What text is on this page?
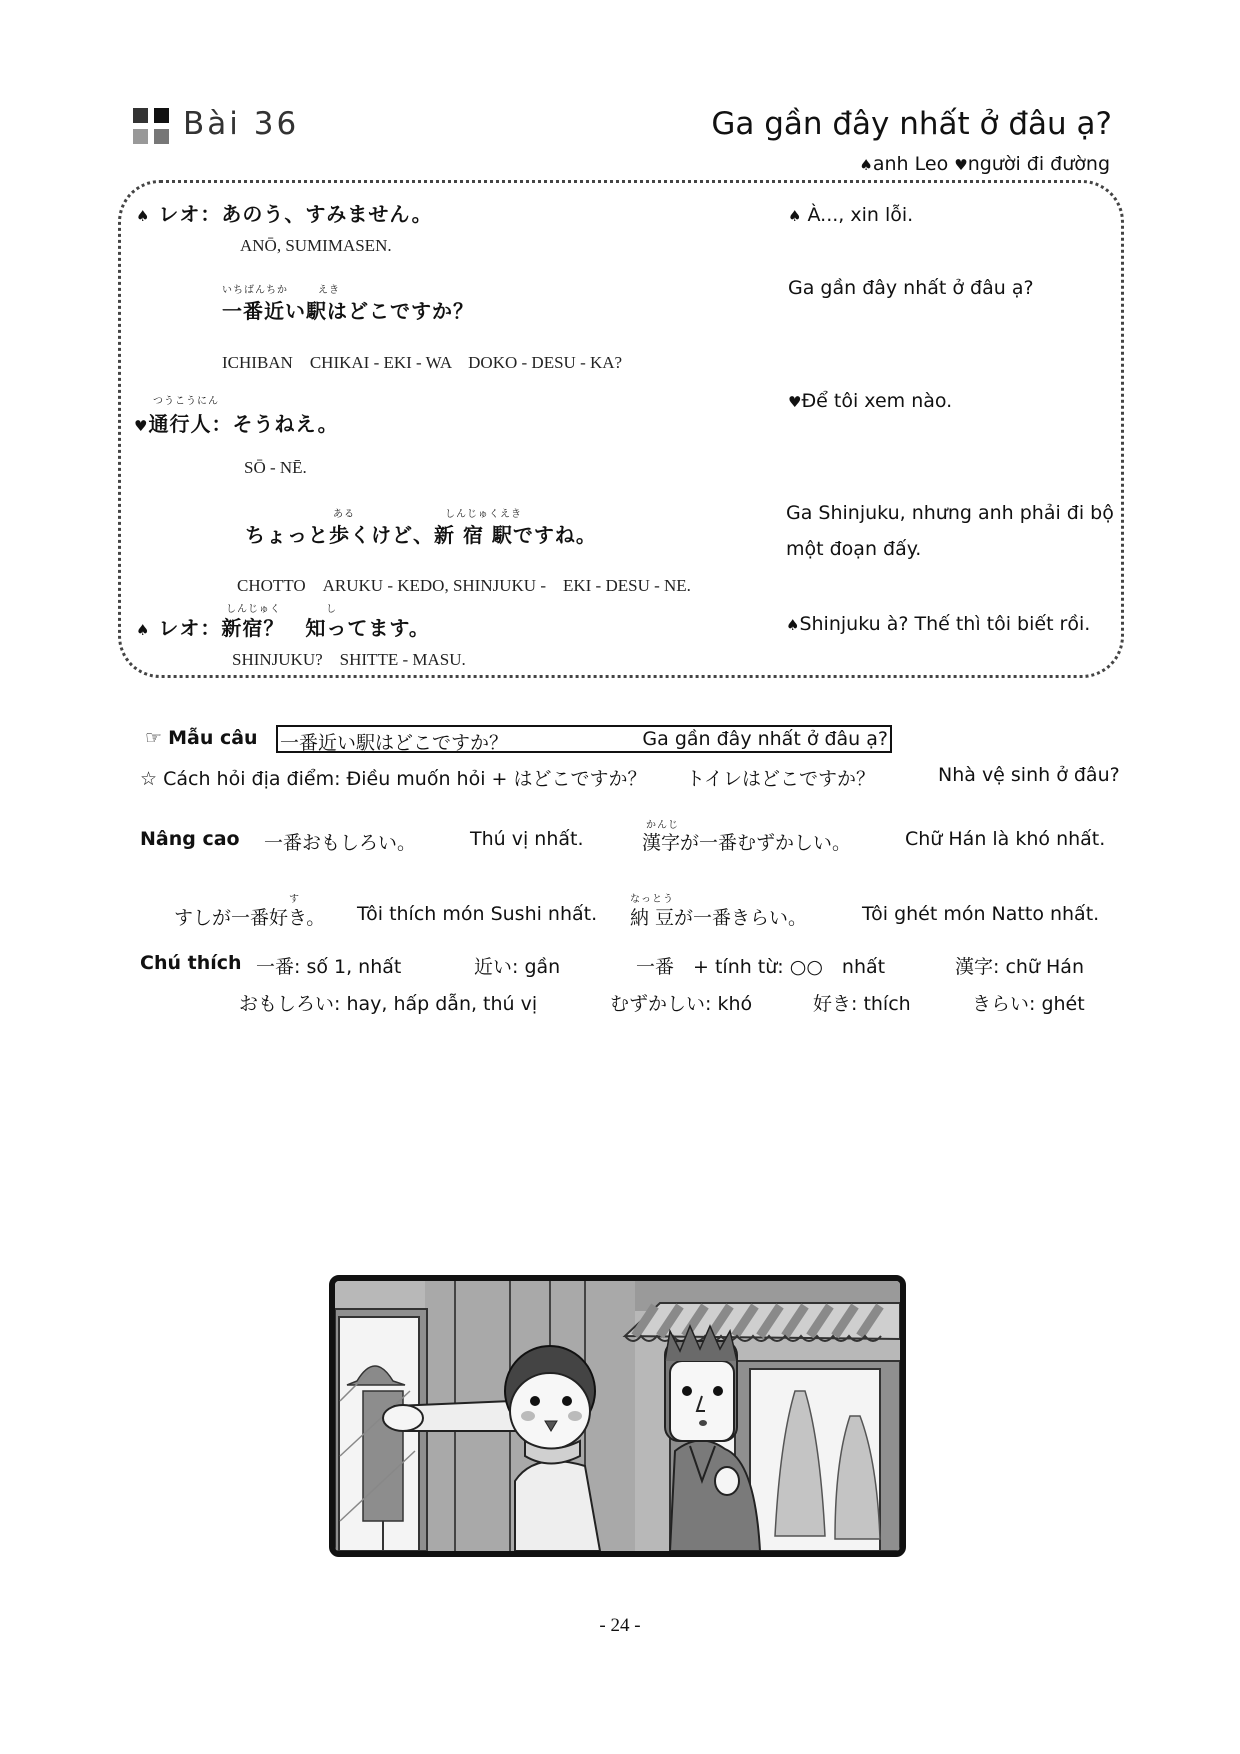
Bài 36	Ga gần đây nhất ở đâu ạ?
♠anh Leo ♥người đi đường
♠ レオ：あのう、すみません。
ANŌ, SUMIMASEN.
♠ À..., xin lỗi.
いちばんちか	えき
一番近い駅はどこですか？
ICHIBAN　CHIKAI - EKI - WA　DOKO - DESU - KA?
Ga gần đây nhất ở đâu ạ?
つうこうにん
♥通行人：そうねえ。
SŌ - NĒ.
♥Để tôi xem nào.
ある	しんじゅくえき
ちょっと歩くけど、新 宿 駅ですね。
CHOTTO　ARUKU - KEDO, SHINJUKU -　EKI - DESU - NE.
Ga Shinjuku, nhưng anh phải đi bộ
một đoạn đấy.
しんじゅく	し
♠ レオ：新宿？　知ってます。
SHINJUKU?　SHITTE - MASU.
♠Shinjuku à? Thế thì tôi biết rồi.
☞ Mẫu câu 一番近い駅はどこですか？	Ga gần đây nhất ở đâu ạ?
☆ Cách hỏi địa điểm: Điều muốn hỏi + はどこですか？ トイレはどこですか？	Nhà vệ sinh ở đâu?
Nâng cao 一番おもしろい。	Thú vị nhất.
かんじ
漢字が一番むずかしい。	Chữ Hán là khó nhất.
す
すしが一番好き。 Tôi thích món Sushi nhất.
なっとう
納 豆が一番きらい。	Tôi ghét món Natto nhất.
Chú thích 一番: số 1, nhất	近い: gần	一番　+ tính từ: ○○　nhất	漢字: chữ Hán
おもしろい: hay, hấp dẫn, thú vị	むずかしい: khó	好き: thích	きらい: ghét
- 24 -
